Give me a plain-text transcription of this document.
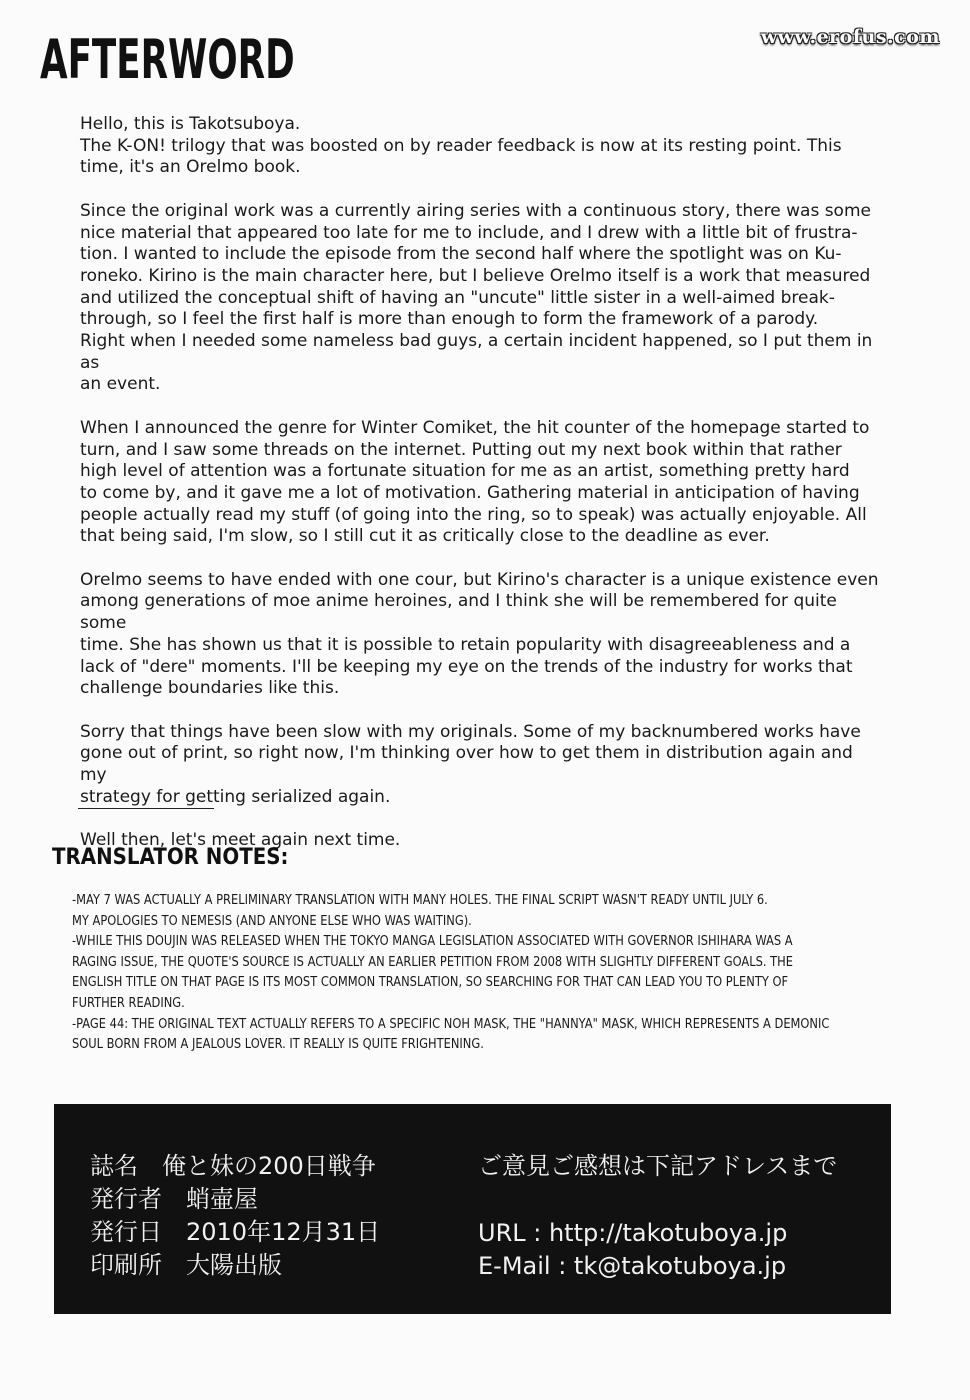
www.erofus.com
AFTERWORD

Hello, this is Takotsuboya.
The K-ON! trilogy that was boosted on by reader feedback is now at its resting point. This
time, it's an Orelmo book.

Since the original work was a currently airing series with a continuous story, there was some
nice material that appeared too late for me to include, and I drew with a little bit of frustra-
tion. I wanted to include the episode from the second half where the spotlight was on Ku-
roneko. Kirino is the main character here, but I believe Orelmo itself is a work that measured
and utilized the conceptual shift of having an "uncute" little sister in a well-aimed break-
through, so I feel the first half is more than enough to form the framework of a parody.
Right when I needed some nameless bad guys, a certain incident happened, so I put them in as
an event.

When I announced the genre for Winter Comiket, the hit counter of the homepage started to
turn, and I saw some threads on the internet. Putting out my next book within that rather
high level of attention was a fortunate situation for me as an artist, something pretty hard
to come by, and it gave me a lot of motivation. Gathering material in anticipation of having
people actually read my stuff (of going into the ring, so to speak) was actually enjoyable. All
that being said, I'm slow, so I still cut it as critically close to the deadline as ever.

Orelmo seems to have ended with one cour, but Kirino's character is a unique existence even
among generations of moe anime heroines, and I think she will be remembered for quite some
time. She has shown us that it is possible to retain popularity with disagreeableness and a
lack of "dere" moments. I'll be keeping my eye on the trends of the industry for works that
challenge boundaries like this.

Sorry that things have been slow with my originals. Some of my backnumbered works have
gone out of print, so right now, I'm thinking over how to get them in distribution again and my
strategy for getting serialized again.

Well then, let's meet again next time.

TRANSLATOR NOTES:

-MAY 7 WAS ACTUALLY A PRELIMINARY TRANSLATION WITH MANY HOLES. THE FINAL SCRIPT WASN'T READY UNTIL JULY 6.
MY APOLOGIES TO NEMESIS (AND ANYONE ELSE WHO WAS WAITING).

-WHILE THIS DOUJIN WAS RELEASED WHEN THE TOKYO MANGA LEGISLATION ASSOCIATED WITH GOVERNOR ISHIHARA WAS A
RAGING ISSUE, THE QUOTE'S SOURCE IS ACTUALLY AN EARLIER PETITION FROM 2008 WITH SLIGHTLY DIFFERENT GOALS. THE
ENGLISH TITLE ON THAT PAGE IS ITS MOST COMMON TRANSLATION, SO SEARCHING FOR THAT CAN LEAD YOU TO PLENTY OF
FURTHER READING.

-PAGE 44: THE ORIGINAL TEXT ACTUALLY REFERS TO A SPECIFIC NOH MASK, THE "HANNYA" MASK, WHICH REPRESENTS A DEMONIC
SOUL BORN FROM A JEALOUS LOVER. IT REALLY IS QUITE FRIGHTENING.

誌名　俺と妹の200日戦争
発行者　蛸壷屋
発行日　2010年12月31日
印刷所　大陽出版
ご意見ご感想は下記アドレスまで
URL : http://takotuboya.jp
E-Mail : tk@takotuboya.jp
